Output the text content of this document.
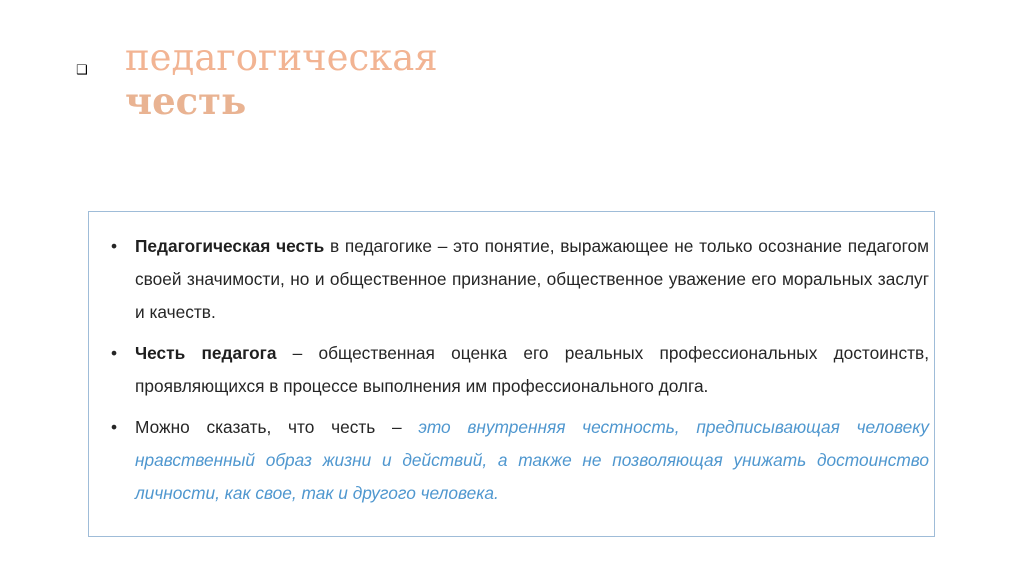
❑ педагогическая
честь
•	Педагогическая честь в педагогике – это понятие, выражающее не только осознание педагогом своей значимости, но и общественное признание, общественное уважение его моральных заслуг и качеств.
•	Честь педагога – общественная оценка его реальных профессиональных достоинств, проявляющихся в процессе выполнения им профессионального долга.
•	Можно сказать, что честь – это внутренняя честность, предписывающая человеку нравственный образ жизни и действий, а также не позволяющая унижать достоинство личности, как свое, так и другого человека.
